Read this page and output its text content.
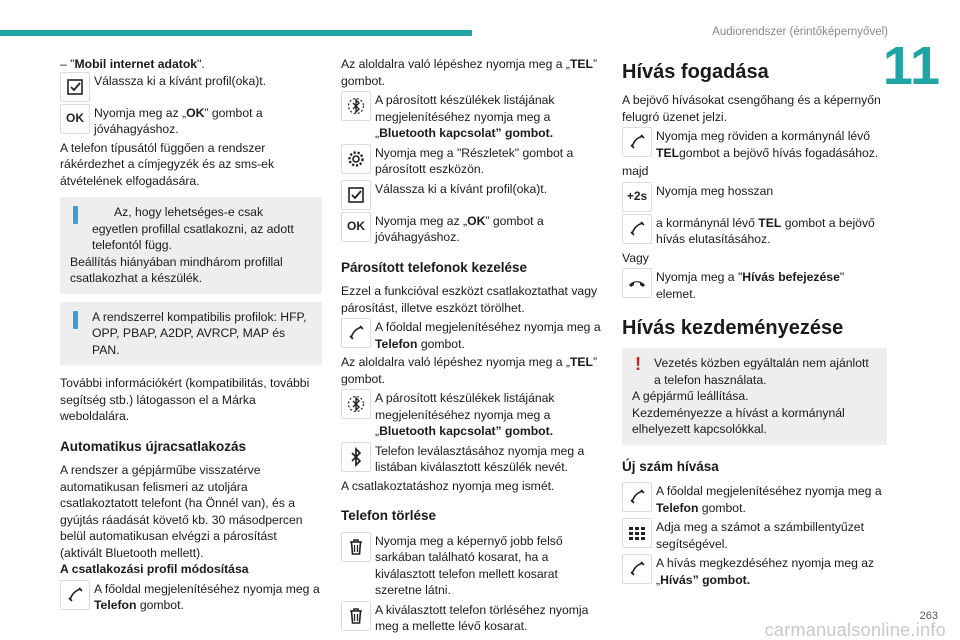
Audiorendszer (érintőképernyővel)
11

– "Mobil internet adatok".

Válassza ki a kívánt profil(oka)t.
OK Nyomja meg az „OK” gombot a jóváhagyáshoz.

A telefon típusától függően a rendszer rákérdezhet a címjegyzék és az sms-ek átvételének elfogadására.

Az, hogy lehetséges-e csak egyetlen profillal csatlakozni, az adott telefontól függ.

Beállítás hiányában mindhárom profillal csatlakozhat a készülék.

A rendszerrel kompatibilis profilok: HFP, OPP, PBAP, A2DP, AVRCP, MAP és PAN.

További információkért (kompatibilitás, további segítség stb.) látogasson el a Márka weboldalára.

Automatikus újracsatlakozás

A rendszer a gépjárműbe visszatérve automatikusan felismeri az utoljára csatlakoztatott telefont (ha Önnél van), és a gyújtás ráadását követő kb. 30 másodpercen belül automatikusan elvégzi a párosítást (aktivált Bluetooth mellett).

A csatlakozási profil módosítása

A főoldal megjelenítéséhez nyomja meg a Telefon gombot.

Az aloldalra való lépéshez nyomja meg a „TEL” gombot.

A párosított készülékek listájának megjelenítéséhez nyomja meg a „Bluetooth kapcsolat” gombot.
Nyomja meg a "Részletek" gombot a párosított eszközön.
Válassza ki a kívánt profil(oka)t.
OK Nyomja meg az „OK” gombot a jóváhagyáshoz.
Párosított telefonok kezelése

Ezzel a funkcióval eszközt csatlakoztathat vagy párosítást, illetve eszközt törölhet.

A főoldal megjelenítéséhez nyomja meg a Telefon gombot.

Az aloldalra való lépéshez nyomja meg a „TEL” gombot.

A párosított készülékek listájának megjelenítéséhez nyomja meg a „Bluetooth kapcsolat” gombot.
Telefon leválasztásához nyomja meg a listában kiválasztott készülék nevét.

A csatlakoztatáshoz nyomja meg ismét.

Telefon törlése
Nyomja meg a képernyő jobb felső sarkában található kosarat, ha a kiválasztott telefon mellett kosarat szeretne látni.
A kiválasztott telefon törléséhez nyomja meg a mellette lévő kosarat.
Hívás fogadása

A bejövő hívásokat csengőhang és a képernyőn felugró üzenet jelzi.

Nyomja meg röviden a kormánynál lévő TELgombot a bejövő hívás fogadásához.

majd

+2s Nyomja meg hosszan
a kormánynál lévő TEL gombot a bejövő hívás elutasításához.

Vagy

Nyomja meg a "Hívás befejezése" elemet.
Hívás kezdeményezése
! Vezetés közben egyáltalán nem ajánlott a telefon használata.

A gépjármű leállítása.

Kezdeményezze a hívást a kormánynál elhelyezett kapcsolókkal.

Új szám hívása
A főoldal megjelenítéséhez nyomja meg a Telefon gombot.
Adja meg a számot a számbillentyűzet segítségével.
A hívás megkezdéséhez nyomja meg az „Hívás” gombot.
263
carmanualsonline.info
